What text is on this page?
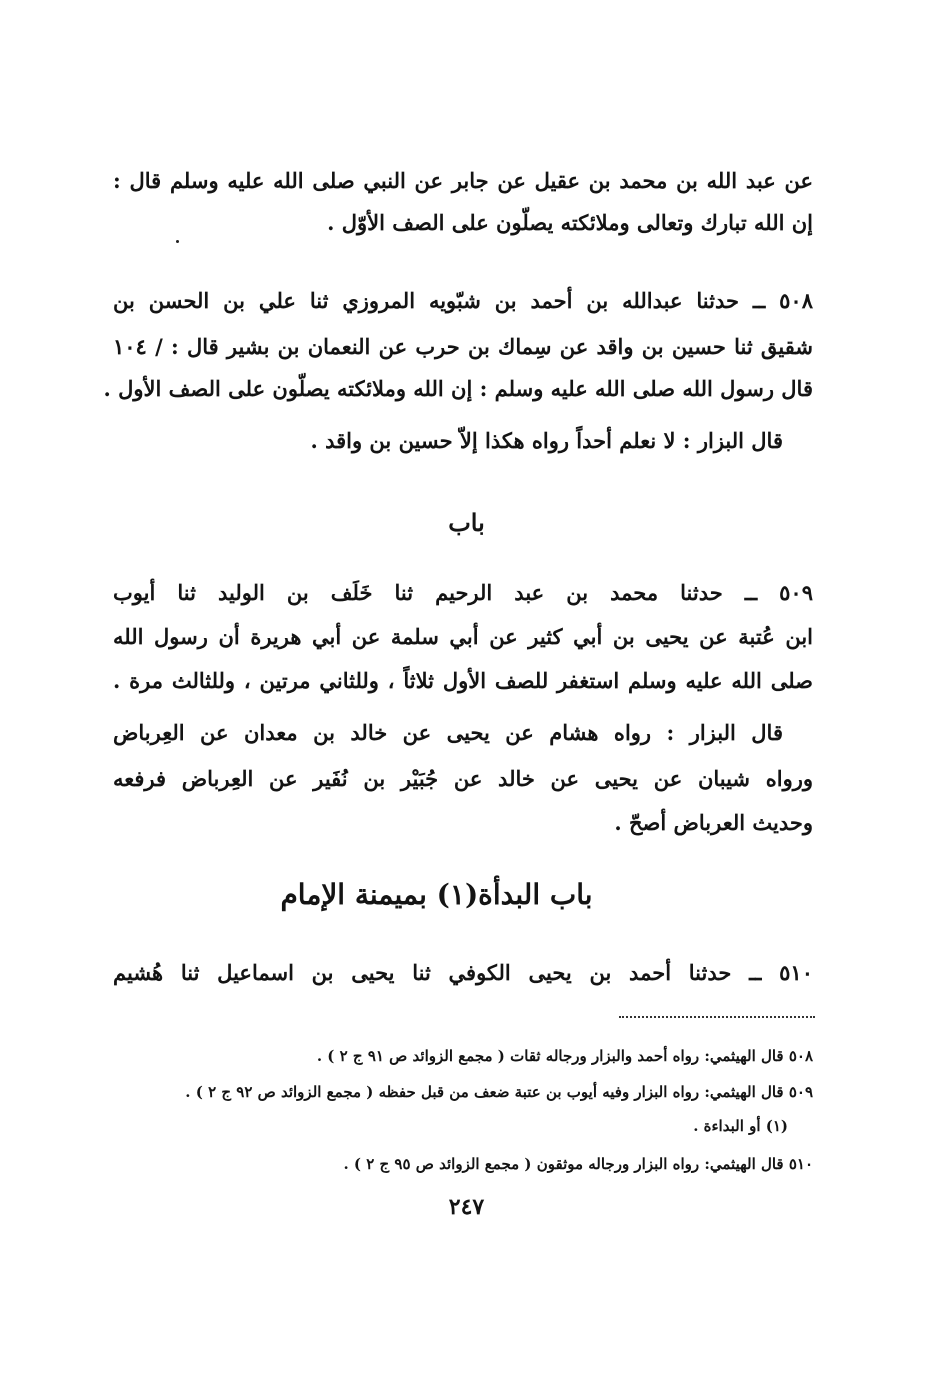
عن عبد الله بن محمد بن عقيل عن جابر عن النبي صلى الله عليه وسلم قال :
إن الله تبارك وتعالى وملائكته يصلّون على الصف الأوّل .
٥٠٨ ــ حدثنا عبدالله بن أحمد بن شبّويه المروزي ثنا علي بن الحسن بن
شقيق ثنا حسين بن واقد عن سِماك بن حرب عن النعمان بن بشير قال : / ١٠٤
قال رسول الله صلى الله عليه وسلم : إن الله وملائكته يصلّون على الصف الأول .
قال البزار : لا نعلم أحداً رواه هكذا إلاّ حسين بن واقد .
باب
٥٠٩ ــ حدثنا محمد بن عبد الرحيم ثنا خَلَف بن الوليد ثنا أيوب
ابن عُتبة عن يحيى بن أبي كثير عن أبي سلمة عن أبي هريرة أن رسول الله
صلى الله عليه وسلم استغفر للصف الأول ثلاثاً ، وللثاني مرتين ، وللثالث مرة .
قال البزار : رواه هشام عن يحيى عن خالد بن معدان عن العِرباض
ورواه شيبان عن يحيى عن خالد عن جُبَيْر بن نُفَير عن العِرباض فرفعه
وحديث العرباض أصحّ .
باب البدأة(١) بميمنة الإمام
٥١٠ ــ حدثنا أحمد بن يحيى الكوفي ثنا يحيى بن اسماعيل ثنا هُشيم
٥٠٨ قال الهيثمي: رواه أحمد والبزار ورجاله ثقات ( مجمع الزوائد ص ٩١ ج ٢ ) .
٥٠٩ قال الهيثمي: رواه البزار وفيه أيوب بن عتبة ضعف من قبل حفظه ( مجمع الزوائد ص ٩٢ ج ٢ ) .
(١) أو البداءة .
٥١٠ قال الهيثمي: رواه البزار ورجاله موثقون ( مجمع الزوائد ص ٩٥ ج ٢ ) .
٢٤٧
